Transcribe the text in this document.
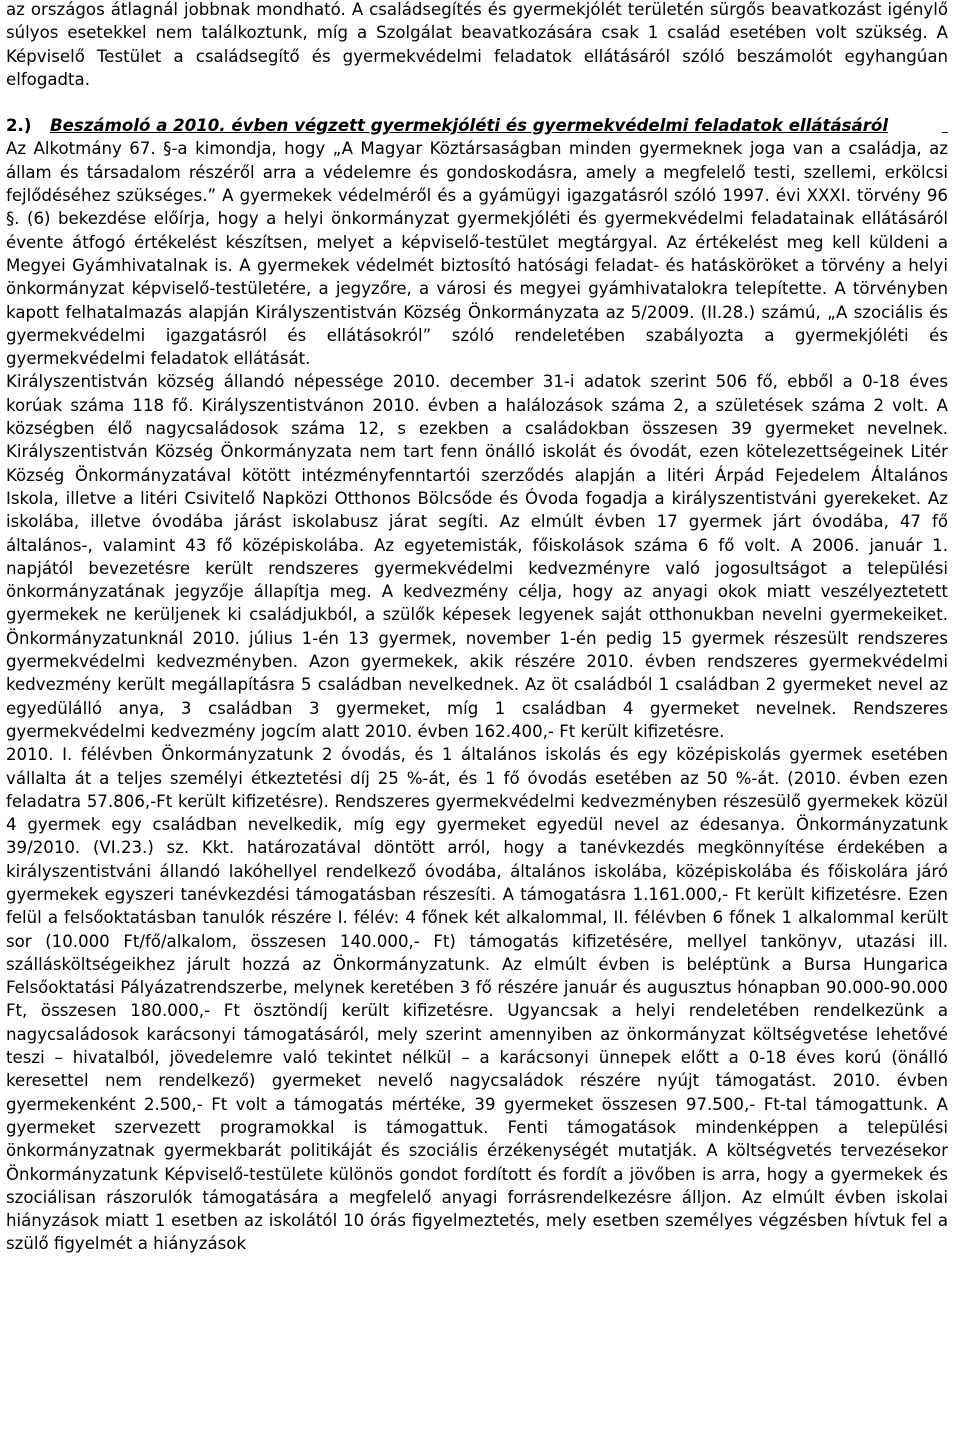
az országos átlagnál jobbnak mondható. A családsegítés és gyermekjólét területén sürgős beavatkozást igénylő súlyos esetekkel nem találkoztunk, míg a Szolgálat beavatkozására csak 1 család esetében volt szükség. A Képviselő Testület a családsegítő és gyermekvédelmi feladatok ellátásáról szóló beszámolót egyhangúan elfogadta.

2.)	Beszámoló a 2010. évben végzett gyermekjóléti és gyermekvédelmi feladatok ellátásáról

Az Alkotmány 67. §-a kimondja, hogy „A Magyar Köztársaságban minden gyermeknek joga van a családja, az állam és társadalom részéről arra a védelemre és gondoskodásra, amely a megfelelő testi, szellemi, erkölcsi fejlődéséhez szükséges.” A gyermekek védelméről és a gyámügyi igazgatásról szóló 1997. évi XXXI. törvény 96 §. (6) bekezdése előírja, hogy a helyi önkormányzat gyermekjóléti és gyermekvédelmi feladatainak ellátásáról évente átfogó értékelést készítsen, melyet a képviselő-testület megtárgyal. Az értékelést meg kell küldeni a Megyei Gyámhivatalnak is. A gyermekek védelmét biztosító hatósági feladat- és hatásköröket a törvény a helyi önkormányzat képviselő-testületére, a jegyzőre, a városi és megyei gyámhivatalokra telepítette. A törvényben kapott felhatalmazás alapján Királyszentistván Község Önkormányzata az 5/2009. (II.28.) számú, „A szociális és gyermekvédelmi igazgatásról és ellátásokról” szóló rendeletében szabályozta a gyermekjóléti és gyermekvédelmi feladatok ellátását.

Királyszentistván község állandó népessége 2010. december 31-i adatok szerint 506 fő, ebből a 0-18 éves korúak száma 118 fő. Királyszentistvánon 2010. évben a halálozások száma 2, a születések száma 2 volt. A községben élő nagycsaládosok száma 12, s ezekben a családokban összesen 39 gyermeket nevelnek. Királyszentistván Község Önkormányzata nem tart fenn önálló iskolát és óvodát, ezen kötelezettségeinek Litér Község Önkormányzatával kötött intézményfenntartói szerződés alapján a litéri Árpád Fejedelem Általános Iskola, illetve a litéri Csivitelő Napközi Otthonos Bölcsőde és Óvoda fogadja a királyszentistváni gyerekeket. Az iskolába, illetve óvodába járást iskolabusz járat segíti. Az elmúlt évben 17 gyermek járt óvodába, 47 fő általános-, valamint 43 fő középiskolába. Az egyetemisták, főiskolások száma 6 fő volt. A 2006. január 1. napjától bevezetésre került rendszeres gyermekvédelmi kedvezményre való jogosultságot a települési önkormányzatának jegyzője állapítja meg. A kedvezmény célja, hogy az anyagi okok miatt veszélyeztetett gyermekek ne kerüljenek ki családjukból, a szülők képesek legyenek saját otthonukban nevelni gyermekeiket. Önkormányzatunknál 2010. július 1-én 13 gyermek, november 1-én pedig 15 gyermek részesült rendszeres gyermekvédelmi kedvezményben. Azon gyermekek, akik részére 2010. évben rendszeres gyermekvédelmi kedvezmény került megállapításra 5 családban nevelkednek. Az öt családból 1 családban 2 gyermeket nevel az egyedülálló anya, 3 családban 3 gyermeket, míg 1 családban 4 gyermeket nevelnek. Rendszeres gyermekvédelmi kedvezmény jogcím alatt 2010. évben 162.400,- Ft került kifizetésre.

2010. I. félévben Önkormányzatunk 2 óvodás, és 1 általános iskolás és egy középiskolás gyermek esetében vállalta át a teljes személyi étkeztetési díj 25 %-át, és 1 fő óvodás esetében az 50 %-át. (2010. évben ezen feladatra 57.806,-Ft került kifizetésre). Rendszeres gyermekvédelmi kedvezményben részesülő gyermekek közül 4 gyermek egy családban nevelkedik, míg egy gyermeket egyedül nevel az édesanya. Önkormányzatunk 39/2010. (VI.23.) sz. Kkt. határozatával döntött arról, hogy a tanévkezdés megkönnyítése érdekében a királyszentistváni állandó lakóhellyel rendelkező óvodába, általános iskolába, középiskolába és főiskolára járó gyermekek egyszeri tanévkezdési támogatásban részesíti. A támogatásra 1.161.000,- Ft került kifizetésre. Ezen felül a felsőoktatásban tanulók részére I. félév: 4 főnek két alkalommal, II. félévben 6 főnek 1 alkalommal került sor (10.000 Ft/fő/alkalom, összesen 140.000,- Ft) támogatás kifizetésére, mellyel tankönyv, utazási ill. szállásköltségeikhez járult hozzá az Önkormányzatunk. Az elmúlt évben is beléptünk a Bursa Hungarica Felsőoktatási Pályázatrendszerbe, melynek keretében 3 fő részére január és augusztus hónapban 90.000-90.000 Ft, összesen 180.000,- Ft ösztöndíj került kifizetésre. Ugyancsak a helyi rendeletében rendelkezünk a nagycsaládosok karácsonyi támogatásáról, mely szerint amennyiben az önkormányzat költségvetése lehetővé teszi – hivatalból, jövedelemre való tekintet nélkül – a karácsonyi ünnepek előtt a 0-18 éves korú (önálló keresettel nem rendelkező) gyermeket nevelő nagycsaládok részére nyújt támogatást. 2010. évben gyermekenként 2.500,- Ft volt a támogatás mértéke, 39 gyermeket összesen 97.500,- Ft-tal támogattunk. A gyermeket szervezett programokkal is támogattuk. Fenti támogatások mindenképpen a települési önkormányzatnak gyermekbarát politikáját és szociális érzékenységét mutatják. A költségvetés tervezésekor Önkormányzatunk Képviselő-testülete különös gondot fordított és fordít a jövőben is arra, hogy a gyermekek és szociálisan rászorulók támogatására a megfelelő anyagi forrásrendelkezésre álljon. Az elmúlt évben iskolai hiányzások miatt 1 esetben az iskolától 10 órás figyelmeztetés, mely esetben személyes végzésben hívtuk fel a szülő figyelmét a hiányzások
